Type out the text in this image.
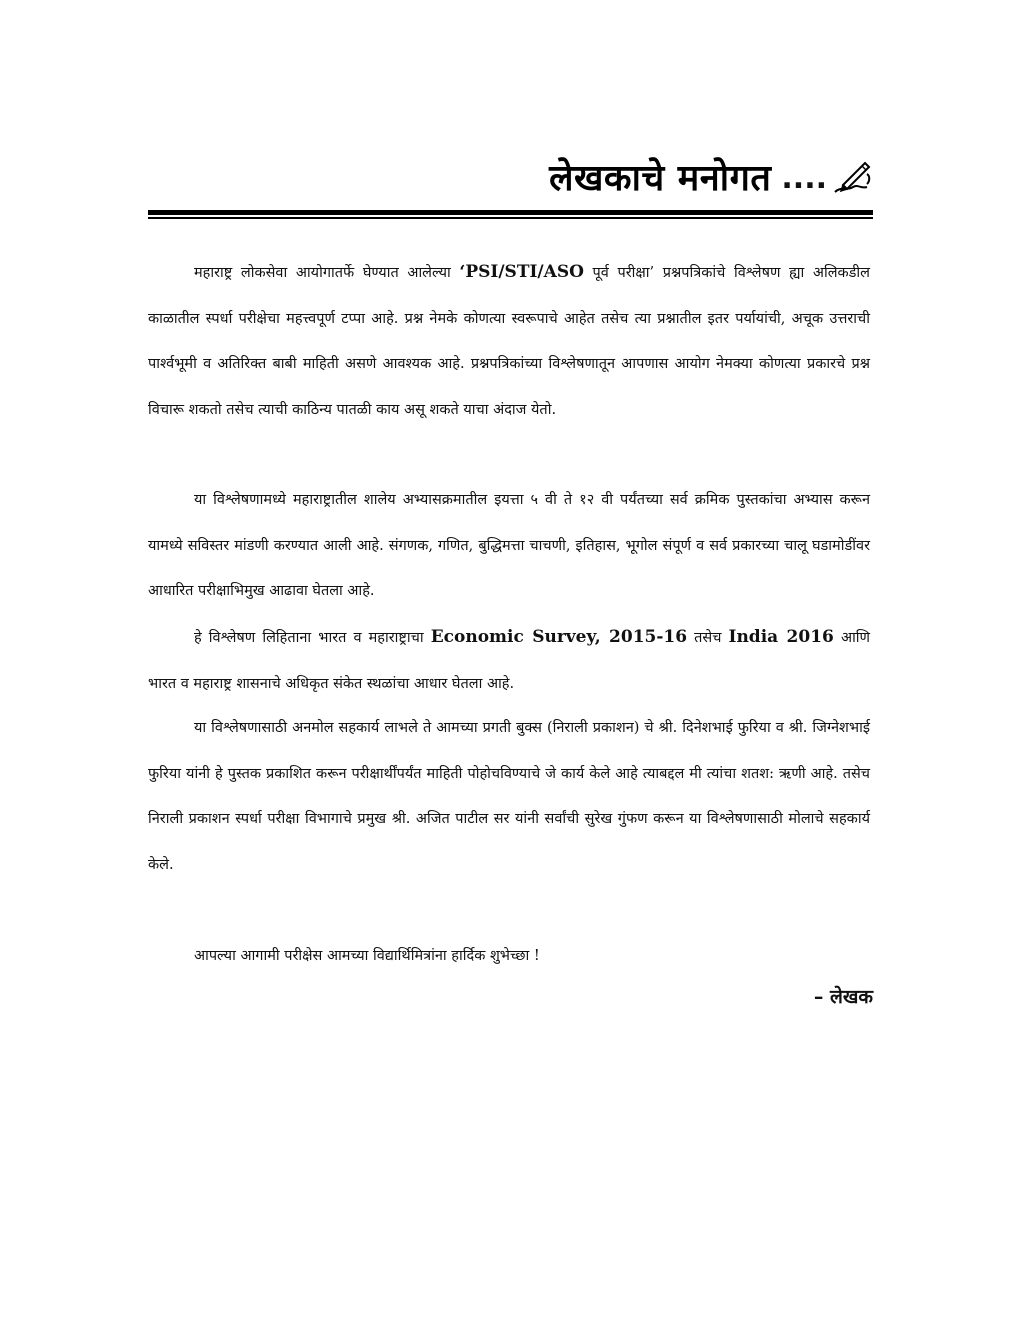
लेखकाचे मनोगत ....

महाराष्ट्र लोकसेवा आयोगातर्फे घेण्यात आलेल्या ‘PSI/STI/ASO पूर्व परीक्षा’ प्रश्नपत्रिकांचे विश्लेषण ह्या अलिकडील काळातील स्पर्धा परीक्षेचा महत्त्वपूर्ण टप्पा आहे. प्रश्न नेमके कोणत्या स्वरूपाचे आहेत तसेच त्या प्रश्नातील इतर पर्यायांची, अचूक उत्तराची पार्श्वभूमी व अतिरिक्त बाबी माहिती असणे आवश्यक आहे. प्रश्नपत्रिकांच्या विश्लेषणातून आपणास आयोग नेमक्या कोणत्या प्रकारचे प्रश्न विचारू शकतो तसेच त्याची काठिन्य पातळी काय असू शकते याचा अंदाज येतो.

या विश्लेषणामध्ये महाराष्ट्रातील शालेय अभ्यासक्रमातील इयत्ता ५ वी ते १२ वी पर्यंतच्या सर्व क्रमिक पुस्तकांचा अभ्यास करून यामध्ये सविस्तर मांडणी करण्यात आली आहे. संगणक, गणित, बुद्धिमत्ता चाचणी, इतिहास, भूगोल संपूर्ण व सर्व प्रकारच्या चालू घडामोडींवर आधारित परीक्षाभिमुख आढावा घेतला आहे.

हे विश्लेषण लिहिताना भारत व महाराष्ट्राचा Economic Survey, 2015-16 तसेच India 2016 आणि भारत व महाराष्ट्र शासनाचे अधिकृत संकेत स्थळांचा आधार घेतला आहे.

या विश्लेषणासाठी अनमोल सहकार्य लाभले ते आमच्या प्रगती बुक्स (निराली प्रकाशन) चे श्री. दिनेशभाई फुरिया व श्री. जिग्नेशभाई फुरिया यांनी हे पुस्तक प्रकाशित करून परीक्षार्थींपर्यंत माहिती पोहोचविण्याचे जे कार्य केले आहे त्याबद्दल मी त्यांचा शतश: ऋणी आहे. तसेच निराली प्रकाशन स्पर्धा परीक्षा विभागाचे प्रमुख श्री. अजित पाटील सर यांनी सर्वांची सुरेख गुंफण करून या विश्लेषणासाठी मोलाचे सहकार्य केले.

आपल्या आगामी परीक्षेस आमच्या विद्यार्थिमित्रांना हार्दिक शुभेच्छा !

– लेखक
